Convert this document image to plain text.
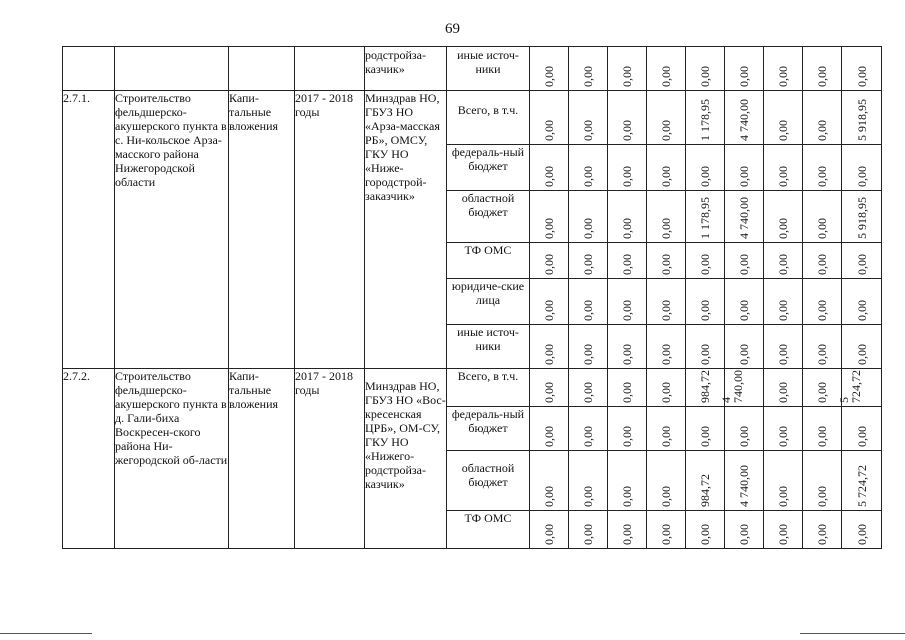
69
				родстройза-казчик»	иные источ-ники	0,00	0,00	0,00	0,00	0,00	0,00	0,00	0,00	0,00

2.7.1.	Строительство фельдшерско-акушерского пункта в с. Ни-кольское Арза-масского района Нижегородской области	Капи-тальные вложения	2017 - 2018 годы	Минздрав НО, ГБУЗ НО «Арза-масская РБ», ОМСУ, ГКУ НО «Ниже-городстрой-заказчик»	Всего, в т.ч.	0,00	0,00	0,00	0,00	1 178,95	4 740,00	0,00	0,00	5 918,95

					федераль-ный бюджет	0,00	0,00	0,00	0,00	0,00	0,00	0,00	0,00	0,00

					областной бюджет	0,00	0,00	0,00	0,00	1 178,95	4 740,00	0,00	0,00	5 918,95

					ТФ ОМС	0,00	0,00	0,00	0,00	0,00	0,00	0,00	0,00	0,00

					юридиче-ские лица	0,00	0,00	0,00	0,00	0,00	0,00	0,00	0,00	0,00

					иные источ-ники	0,00	0,00	0,00	0,00	0,00	0,00	0,00	0,00	0,00

2.7.2.	Строительство фельдшерско-акушерского пункта в д. Гали-биха Воскресен-ского района Ни-жегородской об-ласти	Капи-тальные вложения	2017 - 2018 годы	Минздрав НО, ГБУЗ НО «Вос-кресенская ЦРБ», ОМ-СУ, ГКУ НО «Нижего-родстройза-казчик»	Всего, в т.ч.	0,00	0,00	0,00	0,00	984,72	4 740,00	0,00	0,00	5 724,72

					федераль-ный бюджет	0,00	0,00	0,00	0,00	0,00	0,00	0,00	0,00	0,00

					областной бюджет	0,00	0,00	0,00	0,00	984,72	4 740,00	0,00	0,00	5 724,72

					ТФ ОМС	0,00	0,00	0,00	0,00	0,00	0,00	0,00	0,00	0,00
